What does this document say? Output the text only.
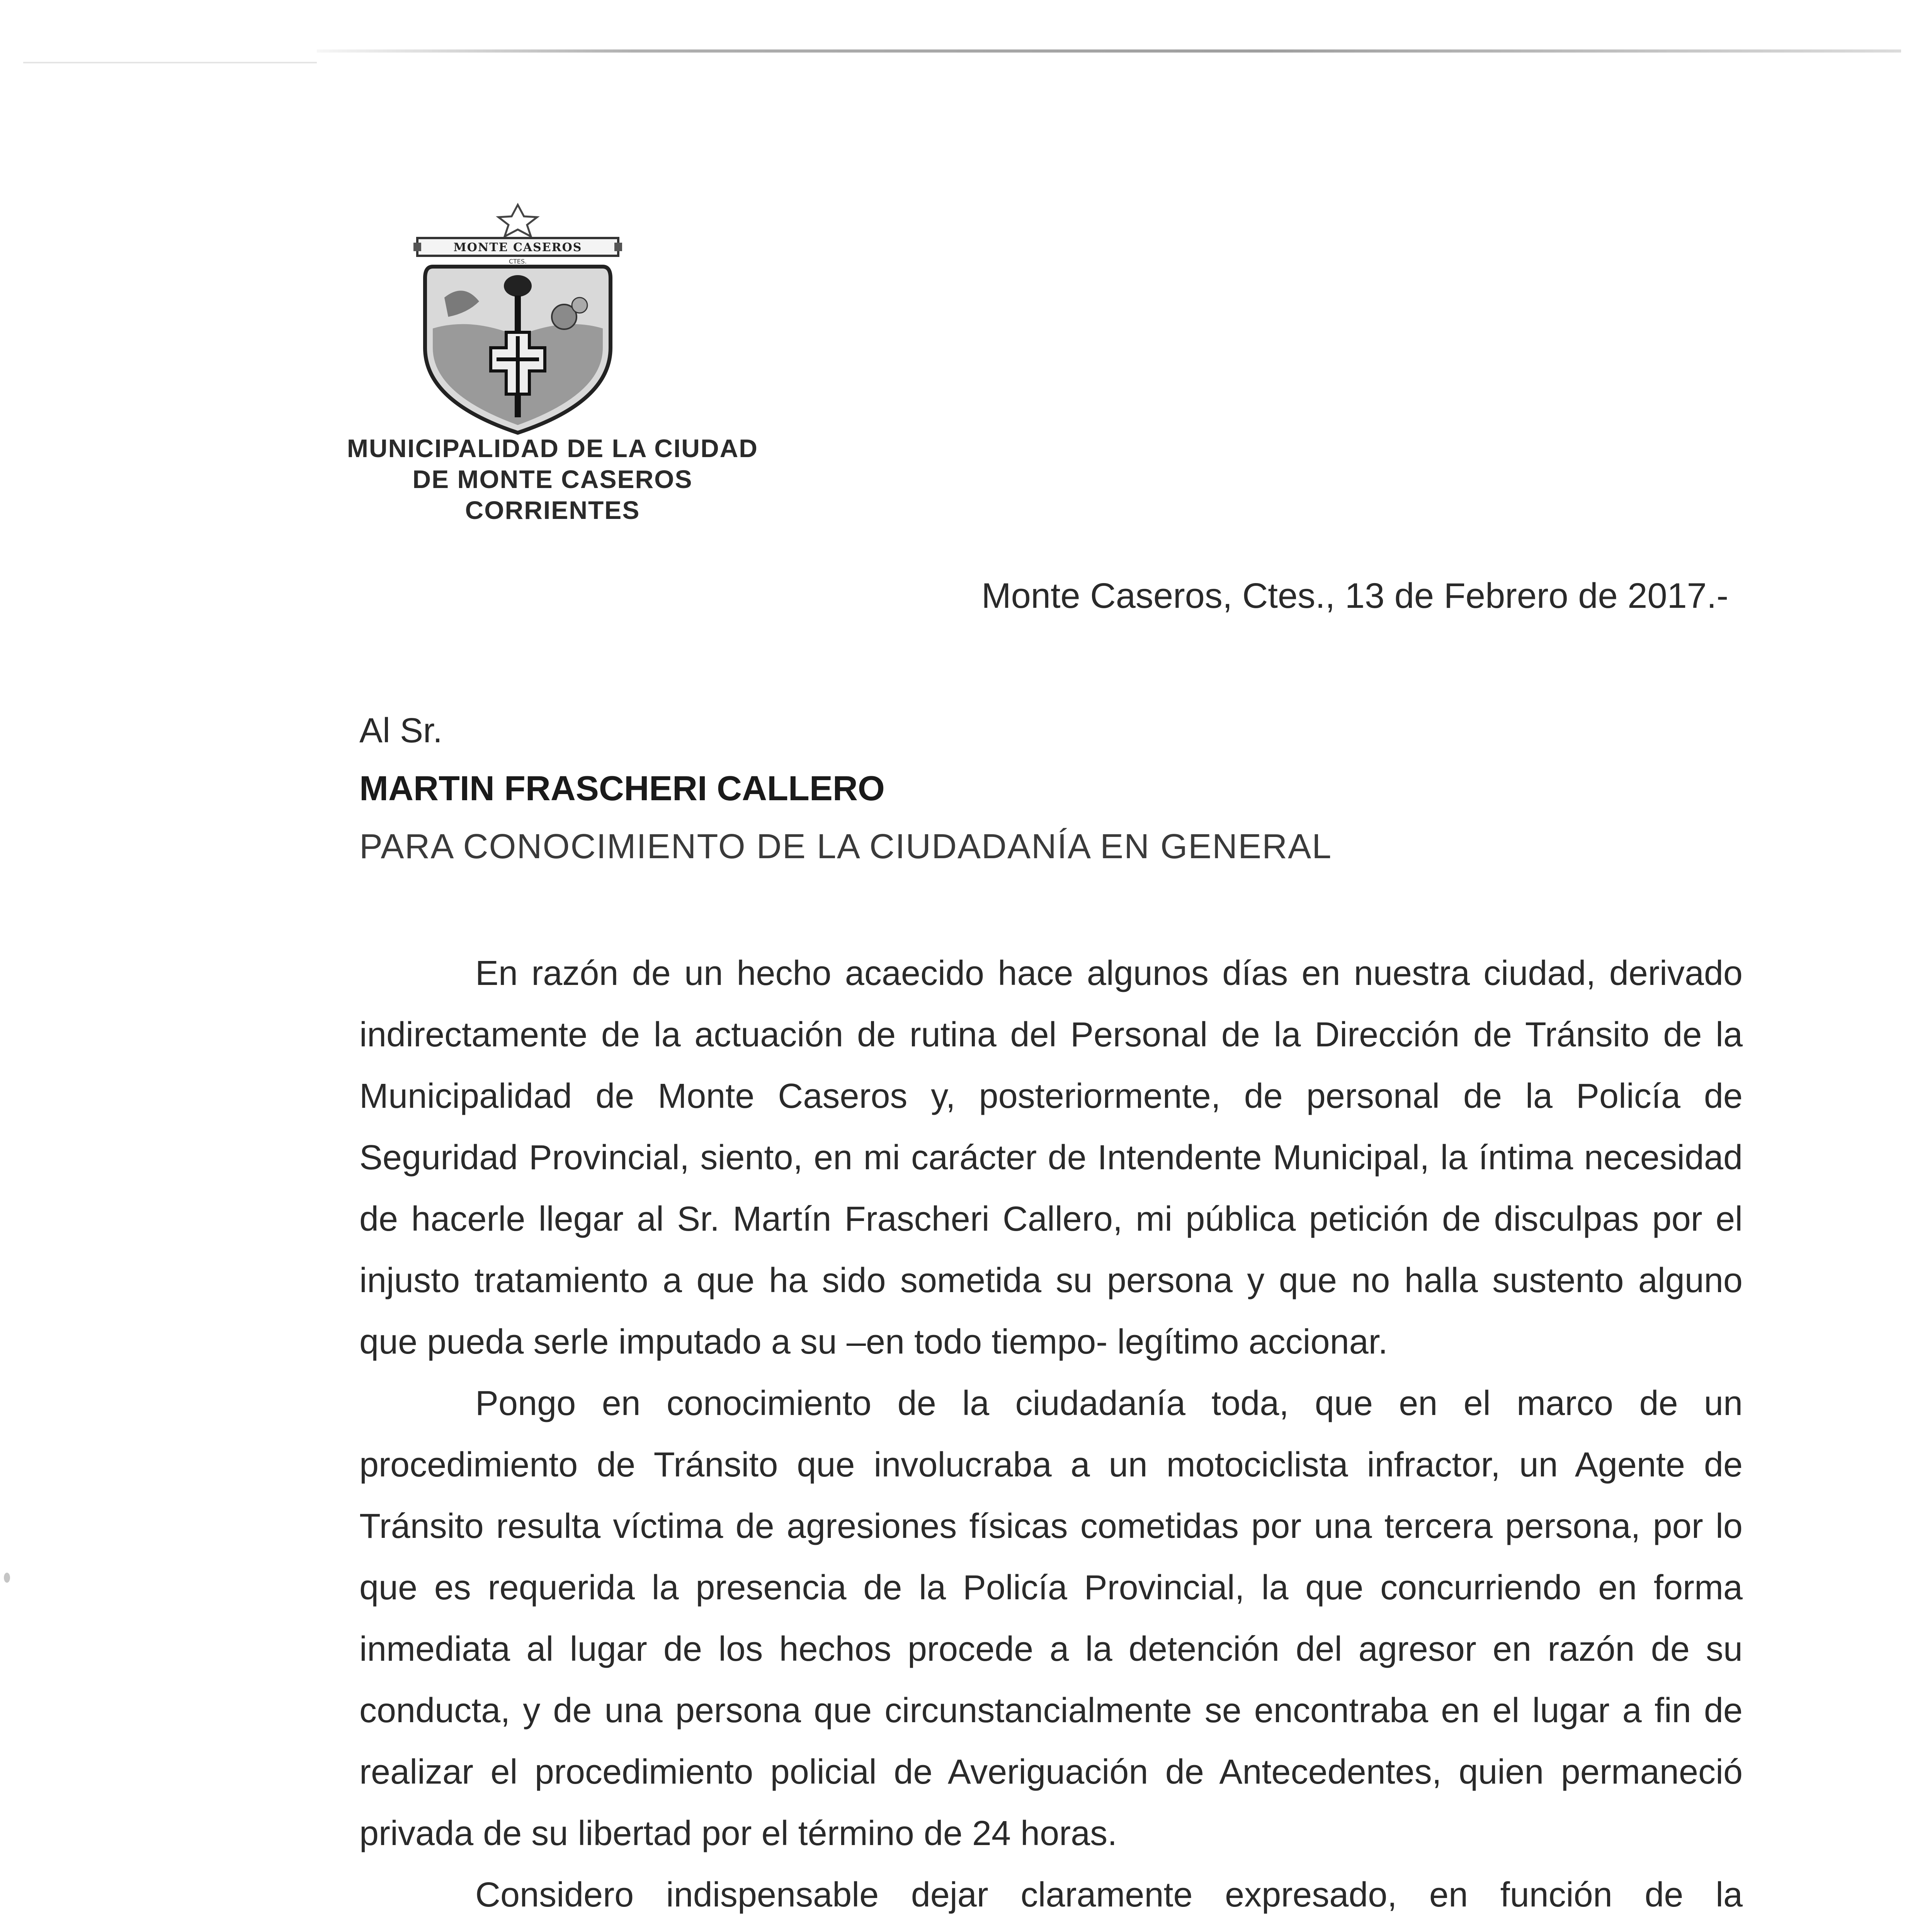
MONTE CASEROS
CTES.
MUNICIPALIDAD DE LA CIUDAD
DE MONTE CASEROS
CORRIENTES
Monte Caseros, Ctes., 13 de Febrero de 2017.-
Al Sr.
MARTIN FRASCHERI CALLERO
PARA CONOCIMIENTO DE LA CIUDADANÍA EN GENERAL

En razón de un hecho acaecido hace algunos días en nuestra ciudad, derivado indirectamente de la actuación de rutina del Personal de la Dirección de Tránsito de la Municipalidad de Monte Caseros y, posteriormente, de personal de la Policía de Seguridad Provincial, siento, en mi carácter de Intendente Municipal, la íntima necesidad de hacerle llegar al Sr. Martín Frascheri Callero, mi pública petición de disculpas por el injusto tratamiento a que ha sido sometida su persona y que no halla sustento alguno que pueda serle imputado a su –en todo tiempo- legítimo accionar.

Pongo en conocimiento de la ciudadanía toda, que en el marco de un procedimiento de Tránsito que involucraba a un motociclista infractor, un Agente de Tránsito resulta víctima de agresiones físicas cometidas por una tercera persona, por lo que es requerida la presencia de la Policía Provincial, la que concurriendo en forma inmediata al lugar de los hechos procede a la detención del agresor en razón de su conducta, y de una persona que circunstancialmente se encontraba en el lugar a fin de realizar el procedimiento policial de Averiguación de Antecedentes, quien permaneció privada de su libertad por el término de 24 horas.

Considero indispensable dejar claramente expresado, en función de la
